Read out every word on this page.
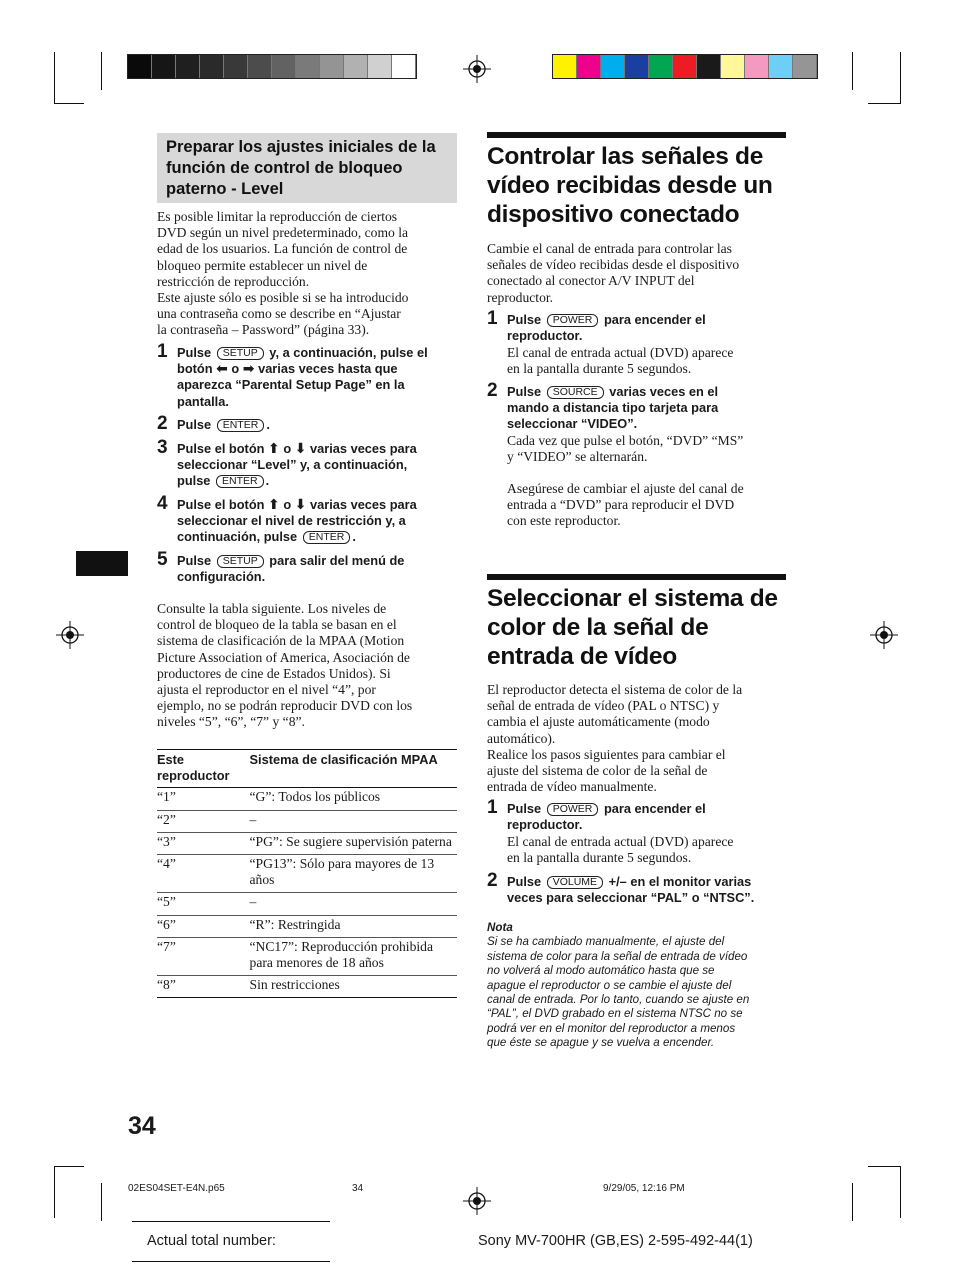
Preparar los ajustes iniciales de la función de control de bloqueo paterno - Level
Es posible limitar la reproducción de ciertos
DVD según un nivel predeterminado, como la
edad de los usuarios. La función de control de
bloqueo permite establecer un nivel de
restricción de reproducción.
Este ajuste sólo es posible si se ha introducido
una contraseña como se describe en “Ajustar
la contraseña – Password” (página 33).
1 Pulse SETUP y, a continuación, pulse el
botón ⬅ o ➡ varias veces hasta que
aparezca “Parental Setup Page” en la
pantalla.
2 Pulse ENTER .
3 Pulse el botón ⬆ o ⬇ varias veces para
seleccionar “Level” y, a continuación,
pulse ENTER .
4 Pulse el botón ⬆ o ⬇ varias veces para
seleccionar el nivel de restricción y, a
continuación, pulse ENTER .
5 Pulse SETUP para salir del menú de
configuración.
Consulte la tabla siguiente. Los niveles de
control de bloqueo de la tabla se basan en el
sistema de clasificación de la MPAA (Motion
Picture Association of America, Asociación de
productores de cine de Estados Unidos). Si
ajusta el reproductor en el nivel “4”, por
ejemplo, no se podrán reproducir DVD con los
niveles “5”, “6”, “7” y “8”.
Este reproductor	Sistema de clasificación MPAA
“1”	“G”: Todos los públicos
“2”	–
“3”	“PG”: Se sugiere supervisión paterna
“4”	“PG13”: Sólo para mayores de 13 años
“5”	–
“6”	“R”: Restringida
“7”	“NC17”: Reproducción prohibida para menores de 18 años
“8”	Sin restricciones
Controlar las señales de
vídeo recibidas desde un
dispositivo conectado
Cambie el canal de entrada para controlar las
señales de vídeo recibidas desde el dispositivo
conectado al conector A/V INPUT del
reproductor.
1 Pulse POWER para encender el
reproductor.
El canal de entrada actual (DVD) aparece
en la pantalla durante 5 segundos.
2 Pulse SOURCE varias veces en el
mando a distancia tipo tarjeta para
seleccionar “VIDEO”.
Cada vez que pulse el botón, “DVD” “MS”
y “VIDEO” se alternarán.
Asegúrese de cambiar el ajuste del canal de
entrada a “DVD” para reproducir el DVD
con este reproductor.
Seleccionar el sistema de
color de la señal de
entrada de vídeo
El reproductor detecta el sistema de color de la
señal de entrada de vídeo (PAL o NTSC) y
cambia el ajuste automáticamente (modo
automático).
Realice los pasos siguientes para cambiar el
ajuste del sistema de color de la señal de
entrada de vídeo manualmente.
1 Pulse POWER para encender el
reproductor.
El canal de entrada actual (DVD) aparece
en la pantalla durante 5 segundos.
2 Pulse VOLUME +/– en el monitor varias
veces para seleccionar “PAL” o “NTSC”.
Nota
Si se ha cambiado manualmente, el ajuste del
sistema de color para la señal de entrada de vídeo
no volverá al modo automático hasta que se
apague el reproductor o se cambie el ajuste del
canal de entrada. Por lo tanto, cuando se ajuste en
“PAL”, el DVD grabado en el sistema NTSC no se
podrá ver en el monitor del reproductor a menos
que éste se apague y se vuelva a encender.
34
02ES04SET-E4N.p65	34	9/29/05, 12:16 PM
Actual total number:	Sony MV-700HR (GB,ES) 2-595-492-44(1)
